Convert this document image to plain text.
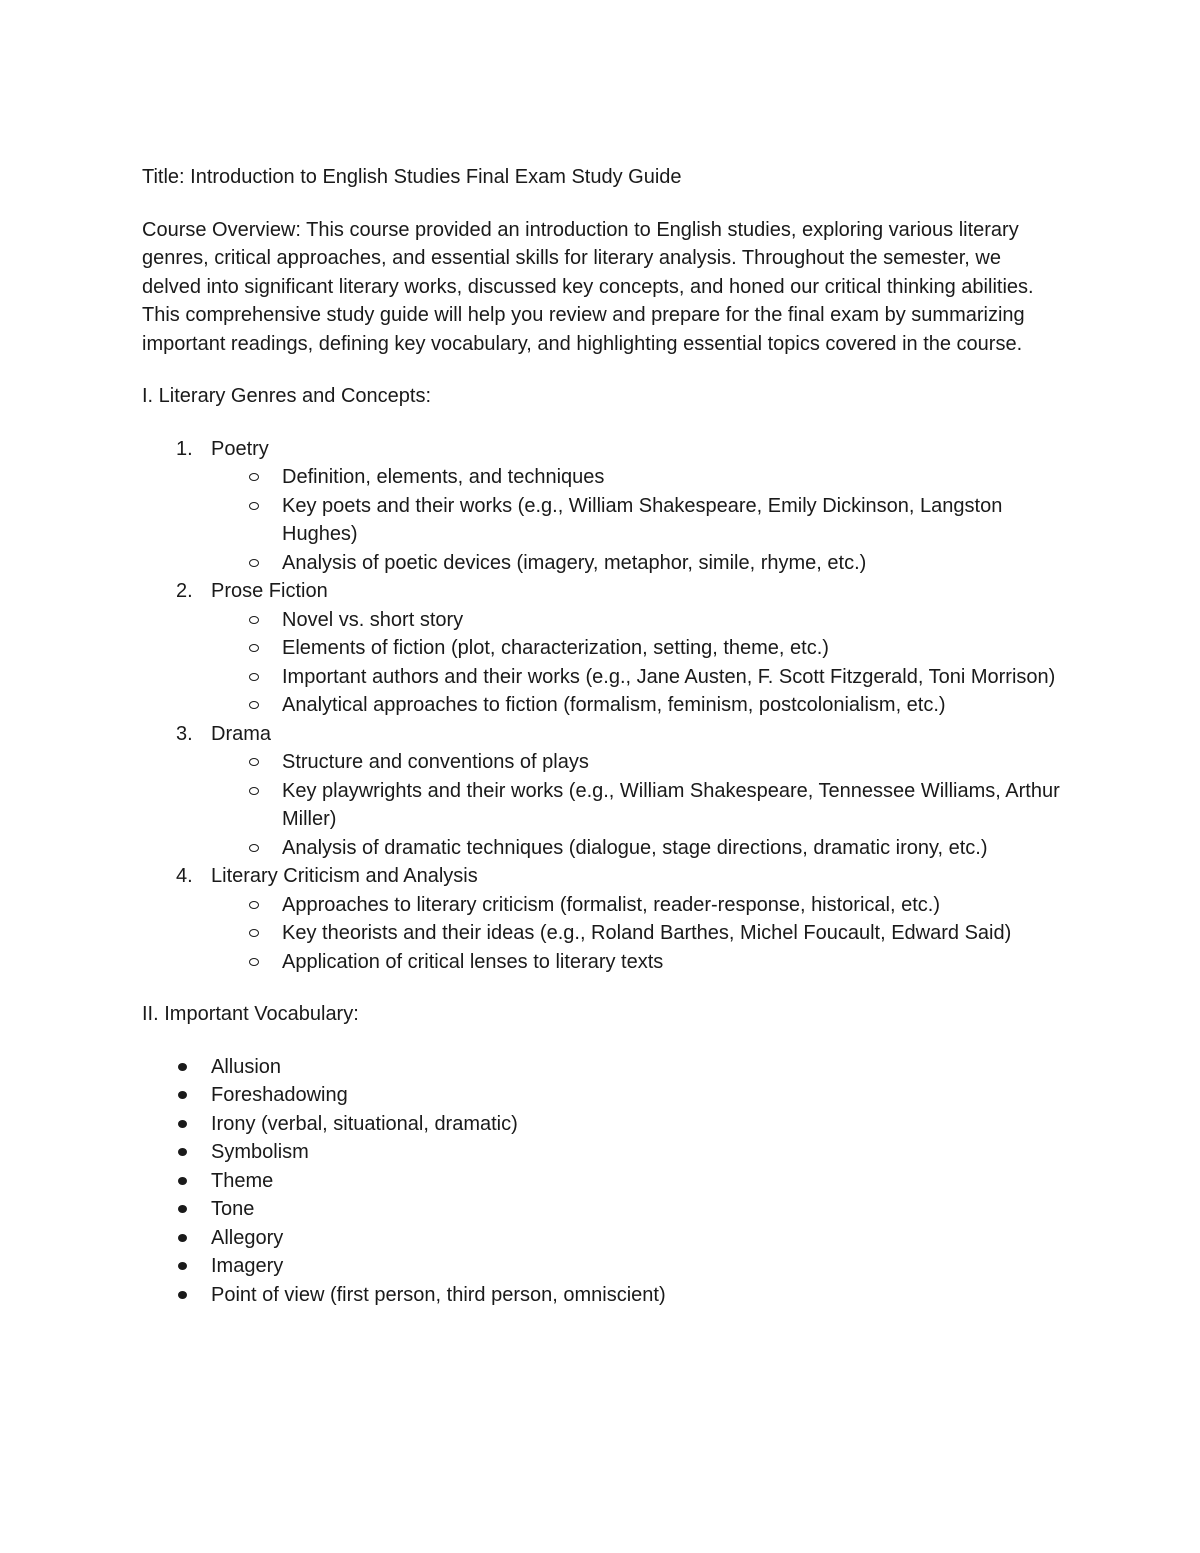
Title: Introduction to English Studies Final Exam Study Guide

Course Overview: This course provided an introduction to English studies, exploring various literary genres, critical approaches, and essential skills for literary analysis. Throughout the semester, we delved into significant literary works, discussed key concepts, and honed our critical thinking abilities. This comprehensive study guide will help you review and prepare for the final exam by summarizing important readings, defining key vocabulary, and highlighting essential topics covered in the course.

I. Literary Genres and Concepts:

1. Poetry
Definition, elements, and techniques
Key poets and their works (e.g., William Shakespeare, Emily Dickinson, Langston Hughes)
Analysis of poetic devices (imagery, metaphor, simile, rhyme, etc.)
2. Prose Fiction
Novel vs. short story
Elements of fiction (plot, characterization, setting, theme, etc.)
Important authors and their works (e.g., Jane Austen, F. Scott Fitzgerald, Toni Morrison)
Analytical approaches to fiction (formalism, feminism, postcolonialism, etc.)
3. Drama
Structure and conventions of plays
Key playwrights and their works (e.g., William Shakespeare, Tennessee Williams, Arthur Miller)
Analysis of dramatic techniques (dialogue, stage directions, dramatic irony, etc.)
4. Literary Criticism and Analysis
Approaches to literary criticism (formalist, reader-response, historical, etc.)
Key theorists and their ideas (e.g., Roland Barthes, Michel Foucault, Edward Said)
Application of critical lenses to literary texts

II. Important Vocabulary:

Allusion
Foreshadowing
Irony (verbal, situational, dramatic)
Symbolism
Theme
Tone
Allegory
Imagery
Point of view (first person, third person, omniscient)
